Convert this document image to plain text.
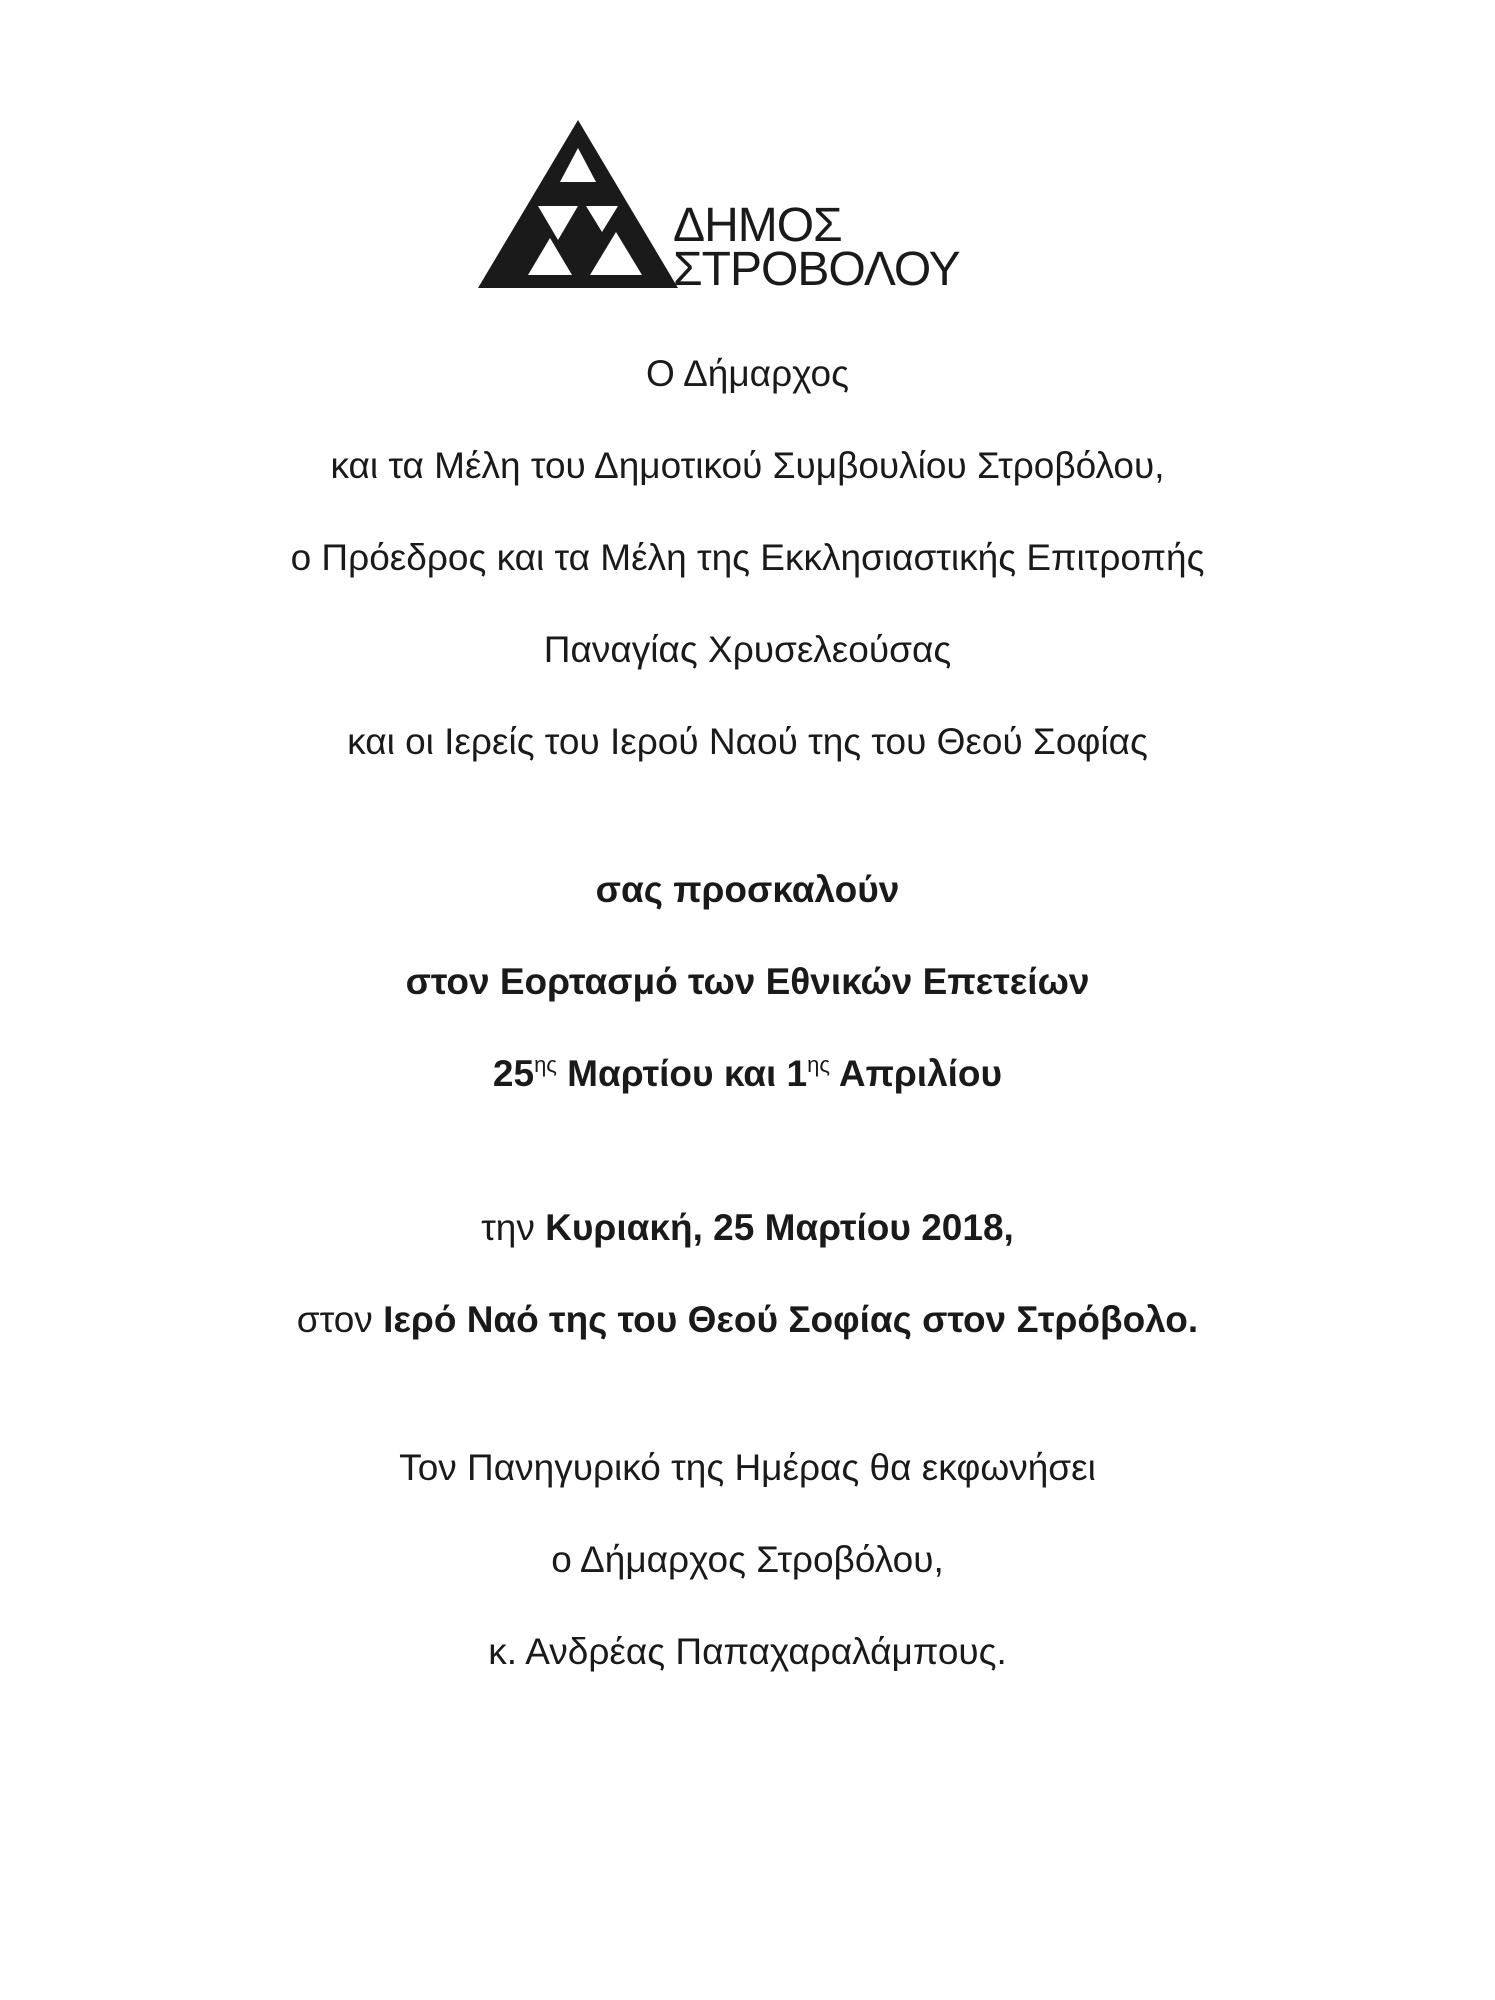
ΔΗΜΟΣ
ΣΤΡΟΒΟΛΟΥ
Ο Δήμαρχος
και τα Μέλη του Δημοτικού Συμβουλίου Στροβόλου,
ο Πρόεδρος και τα Μέλη της Εκκλησιαστικής Επιτροπής
Παναγίας Χρυσελεούσας
και οι Ιερείς του Ιερού Ναού της του Θεού Σοφίας
σας προσκαλούν
στον Εορτασμό των Εθνικών Επετείων
$25^{\eta\varsigma}$ Μαρτίου και $1^{\eta\varsigma}$ Απριλίου
την Κυριακή, 25 Μαρτίου 2018,
στον Ιερό Ναό της του Θεού Σοφίας στον Στρόβολο.
Τον Πανηγυρικό της Ημέρας θα εκφωνήσει
ο Δήμαρχος Στροβόλου,
κ. Ανδρέας Παπαχαραλάμπους.
